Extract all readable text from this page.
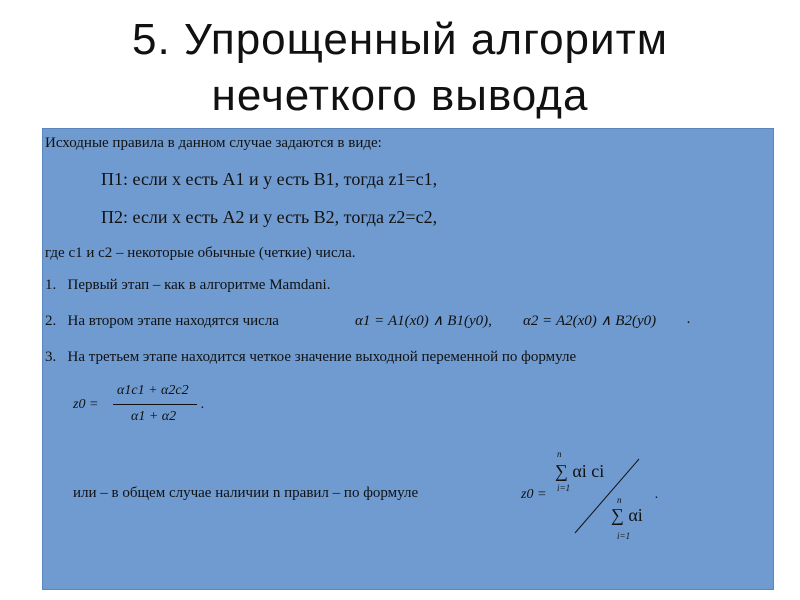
5. Упрощенный алгоритм
нечеткого вывода
Исходные правила в данном случае задаются в виде:
П1: если x есть A1 и y есть B1, тогда z1=c1,
П2: если x есть A2 и y есть B2, тогда z2=c2,
где c1 и c2 – некоторые обычные (четкие) числа.
1.   Первый этап – как в алгоритме Mamdani.
2.   На втором этапе находятся числа	α1 = A1(x0) ∧ B1(y0), α2 = A2(x0) ∧ B2(y0) .
3.   На третьем этапе находится четкое значение выходной переменной по формуле
z0 =
α1c1 + α2c2
α1 + α2
.
или – в общем случае наличии n правил – по формуле	z0 =
n
∑ αi ci
i=1
n
∑ αi
i=1
.
